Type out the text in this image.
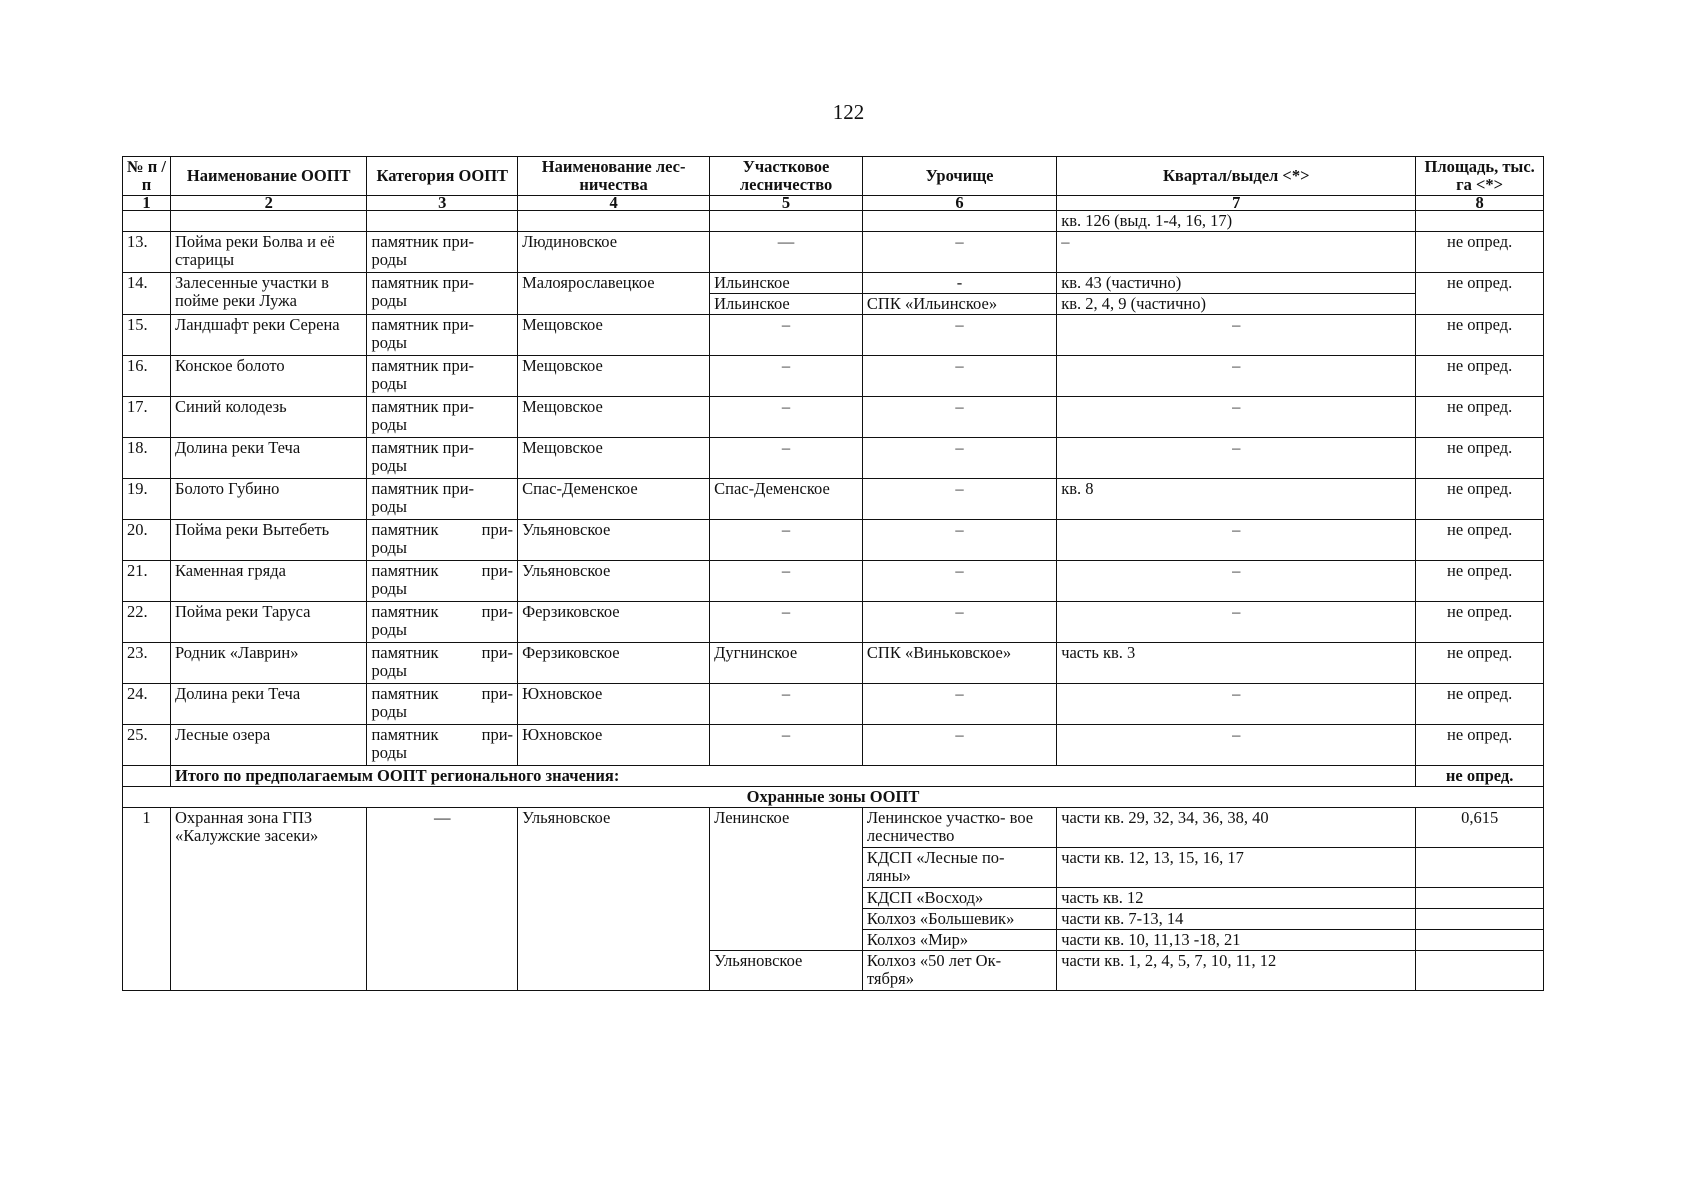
122
№ п /п	Наименование ООПТ	Категория ООПТ	Наименование лес- ничества	Участковое лесничество	Урочище	Квартал/выдел <*>	Площадь, тыс. га <*>
1	2	3	4	5	6	7	8
						кв. 126 (выд. 1-4, 16, 17)	
13.	Пойма реки Болва и её старицы	памятник при- роды	Людиновское	—	–	–	не опред.
14.	Залесенные участки в пойме реки Лужа	памятник при- роды	Малоярославецкое	Ильинское	-	кв. 43 (частично)	не опред.
				Ильинское	СПК «Ильинское»	кв. 2, 4, 9 (частично)	
15.	Ландшафт реки Серена	памятник при- роды	Мещовское	–	–	–	не опред.
16.	Конское болото	памятник при- роды	Мещовское	–	–	–	не опред.
17.	Синий колодезь	памятник при- роды	Мещовское	–	–	–	не опред.
18.	Долина реки Теча	памятник при- роды	Мещовское	–	–	–	не опред.
19.	Болото Губино	памятник при- роды	Спас-Деменское	Спас-Деменское	–	кв. 8	не опред.
20.	Пойма реки Вытебеть	памятник при- роды	Ульяновское	–	–	–	не опред.
21.	Каменная гряда	памятник при- роды	Ульяновское	–	–	–	не опред.
22.	Пойма реки Таруса	памятник при- роды	Ферзиковское	–	–	–	не опред.
23.	Родник «Лаврин»	памятник при- роды	Ферзиковское	Дугнинское	СПК «Виньковское»	часть кв. 3	не опред.
24.	Долина реки Теча	памятник при- роды	Юхновское	–	–	–	не опред.
25.	Лесные озера	памятник при- роды	Юхновское	–	–	–	не опред.
	Итого по предполагаемым ООПТ регионального значения:						не опред.
Охранные зоны ООПТ							
1	Охранная зона ГПЗ «Калужские засеки»	—	Ульяновское	Ленинское	Ленинское участко- вое лесничество	части кв. 29, 32, 34, 36, 38, 40	0,615
					КДСП «Лесные по- ляны»	части кв. 12, 13, 15, 16, 17	
					КДСП «Восход»	часть кв. 12	
					Колхоз «Большевик»	части кв. 7-13, 14	
					Колхоз «Мир»	части кв. 10, 11,13 -18, 21	
				Ульяновское	Колхоз «50 лет Ок- тября»	части кв. 1, 2, 4, 5, 7, 10, 11, 12	
